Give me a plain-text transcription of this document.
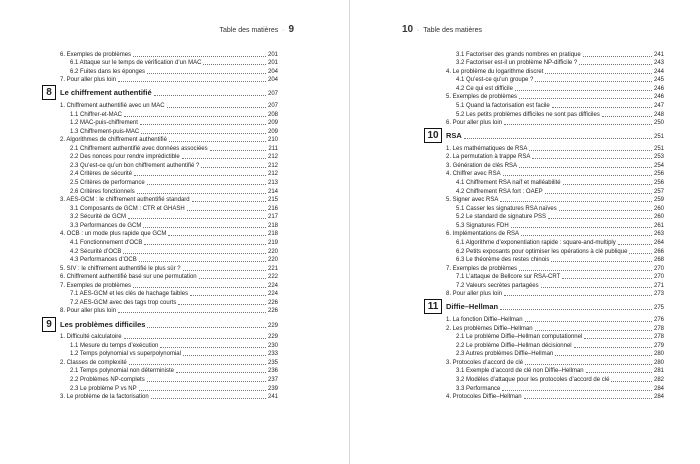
Table des matières ◦ 9
6. Exemples de problèmes	201
6.1 Attaque sur le temps de vérification d’un MAC	201
6.2 Fuites dans les éponges	204
7. Pour aller plus loin	204
8	Le chiffrement authentifié	207
1. Chiffrement authentifié avec un MAC	207
1.1 Chiffrer-et-MAC	208
1.2 MAC-puis-chiffrement	209
1.3 Chiffrement-puis-MAC	209
2. Algorithmes de chiffrement authentifié	210
2.1 Chiffrement authentifié avec données associées	211
2.2 Des nonces pour rendre imprédictible	212
2.3 Qu’est-ce qu’un bon chiffrement authentifié ?	212
2.4 Critères de sécurité	212
2.5 Critères de performance	213
2.6 Critères fonctionnels	214
3. AES-GCM : le chiffrement authentifié standard	215
3.1 Composants de GCM : CTR et GHASH	216
3.2 Sécurité de GCM	217
3.3 Performances de GCM	218
4. OCB : un mode plus rapide que GCM	218
4.1 Fonctionnement d’OCB	219
4.2 Sécurité d’OCB	220
4.3 Performances d’OCB	220
5. SIV : le chiffrement authentifié le plus sûr ?	221
6. Chiffrement authentifié basé sur une permutation	222
7. Exemples de problèmes	224
7.1 AES-GCM et les clés de hachage faibles	224
7.2 AES-GCM avec des tags trop courts	226
8. Pour aller plus loin	226
9	Les problèmes difficiles	229
1. Difficulté calculatoire	229
1.1 Mesure du temps d’exécution	230
1.2 Temps polynomial vs superpolynomial	233
2. Classes de complexité	235
2.1 Temps polynomial non déterministe	236
2.2 Problèmes NP-complets	237
2.3 Le problème P vs NP	239
3. Le problème de la factorisation	241
10 ◦ Table des matières
3.1 Factoriser des grands nombres en pratique	241
3.2 Factoriser est-il un problème NP-difficile ?	243
4. Le problème du logarithme discret	244
4.1 Qu’est-ce qu’un groupe ?	245
4.2 Ce qui est difficile	246
5. Exemples de problèmes	246
5.1 Quand la factorisation est facile	247
5.2 Les petits problèmes difficiles ne sont pas difficiles	248
6. Pour aller plus loin	250
10 RSA	251
1. Les mathématiques de RSA	251
2. La permutation à trappe RSA	253
3. Génération de clés RSA	254
4. Chiffrer avec RSA	256
4.1 Chiffrement RSA naïf et malléabilité	256
4.2 Chiffrement RSA fort : OAEP	257
5. Signer avec RSA	259
5.1 Casser les signatures RSA naïves	260
5.2 Le standard de signature PSS	260
5.3 Signatures FDH	261
6. Implémentations de RSA	263
6.1 Algorithme d’exponentiation rapide : square-and-multiply	264
6.2 Petits exposants pour optimiser les opérations à clé publique	266
6.3 Le théorème des restes chinois	268
7. Exemples de problèmes	270
7.1 L’attaque de Bellcore sur RSA-CRT	270
7.2 Valeurs secrètes partagées	271
8. Pour aller plus loin	273
11	Diffie–Hellman	275
1. La fonction Diffie–Hellman	276
2. Les problèmes Diffie–Hellman	278
2.1 Le problème Diffie–Hellman computationnel	278
2.2 Le problème Diffie–Hellman décisionnel	279
2.3 Autres problèmes Diffie–Hellman	280
3. Protocoles d’accord de clé	280
3.1 Exemple d’accord de clé non Diffie–Hellman	281
3.2 Modèles d’attaque pour les protocoles d’accord de clé	282
3.3 Performance	284
4. Protocoles Diffie–Hellman	284
